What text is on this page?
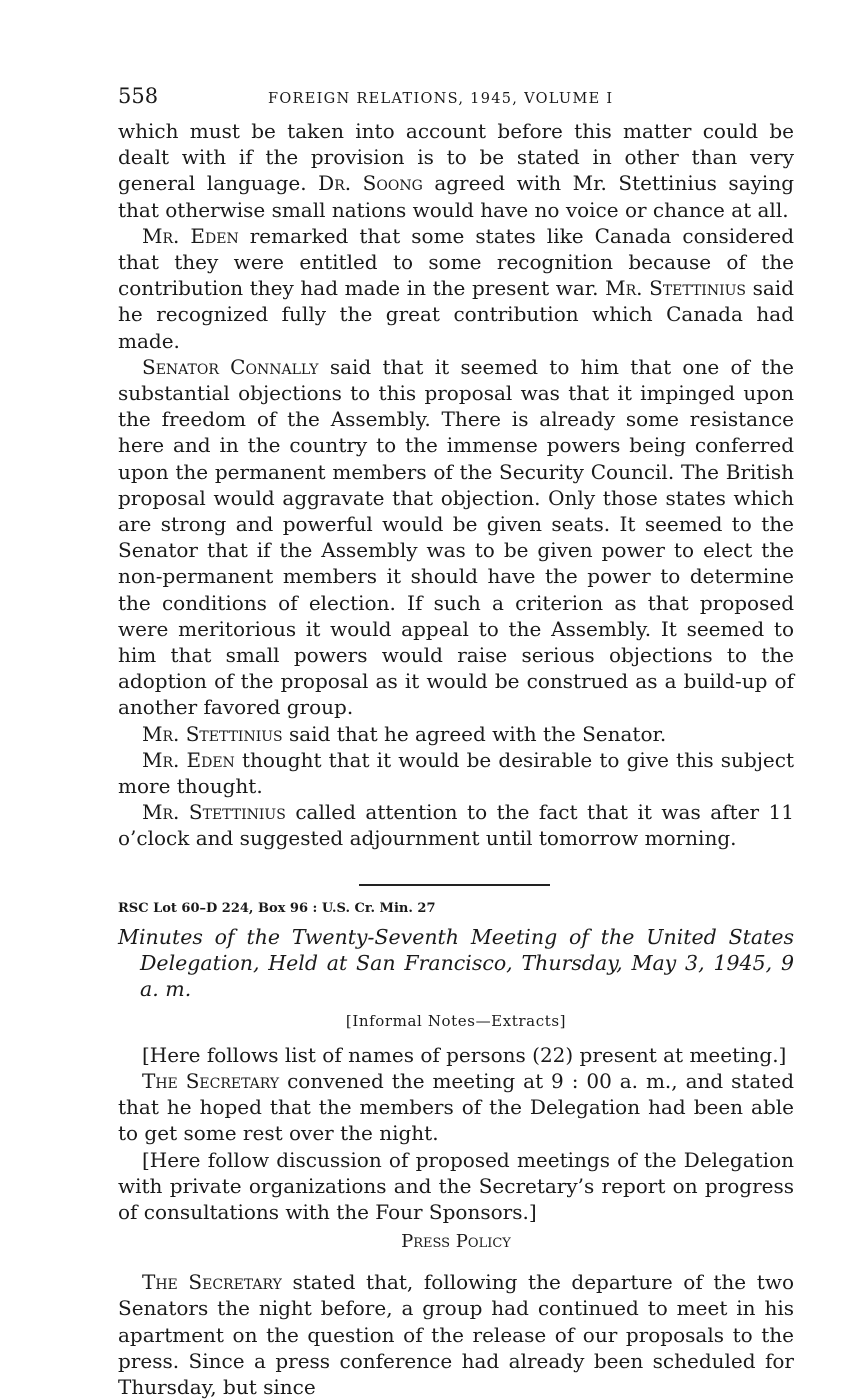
558	FOREIGN RELATIONS, 1945, VOLUME I

which must be taken into account before this matter could be dealt with if the provision is to be stated in other than very general language. Dr. Soong agreed with Mr. Stettinius saying that otherwise small nations would have no voice or chance at all.

Mr. Eden remarked that some states like Canada considered that they were entitled to some recognition because of the contribution they had made in the present war. Mr. Stettinius said he recognized fully the great contribution which Canada had made.

Senator Connally said that it seemed to him that one of the substantial objections to this proposal was that it impinged upon the freedom of the Assembly. There is already some resistance here and in the country to the immense powers being conferred upon the permanent members of the Security Council. The British proposal would aggravate that objection. Only those states which are strong and powerful would be given seats. It seemed to the Senator that if the Assembly was to be given power to elect the non-permanent members it should have the power to determine the conditions of election. If such a criterion as that proposed were meritorious it would appeal to the Assembly. It seemed to him that small powers would raise serious objections to the adoption of the proposal as it would be construed as a build-up of another favored group.

Mr. Stettinius said that he agreed with the Senator.

Mr. Eden thought that it would be desirable to give this subject more thought.

Mr. Stettinius called attention to the fact that it was after 11 o’clock and suggested adjournment until tomorrow morning.

RSC Lot 60–D 224, Box 96 : U.S. Cr. Min. 27
Minutes of the Twenty-Seventh Meeting of the United States Delegation, Held at San Francisco, Thursday, May 3, 1945, 9 a. m.
[Informal Notes—Extracts]

[Here follows list of names of persons (22) present at meeting.]

The Secretary convened the meeting at 9 : 00 a. m., and stated that he hoped that the members of the Delegation had been able to get some rest over the night.

[Here follow discussion of proposed meetings of the Delegation with private organizations and the Secretary’s report on progress of consultations with the Four Sponsors.]

Press Policy

The Secretary stated that, following the departure of the two Senators the night before, a group had continued to meet in his apartment on the question of the release of our proposals to the press. Since a press conference had already been scheduled for Thursday, but since
